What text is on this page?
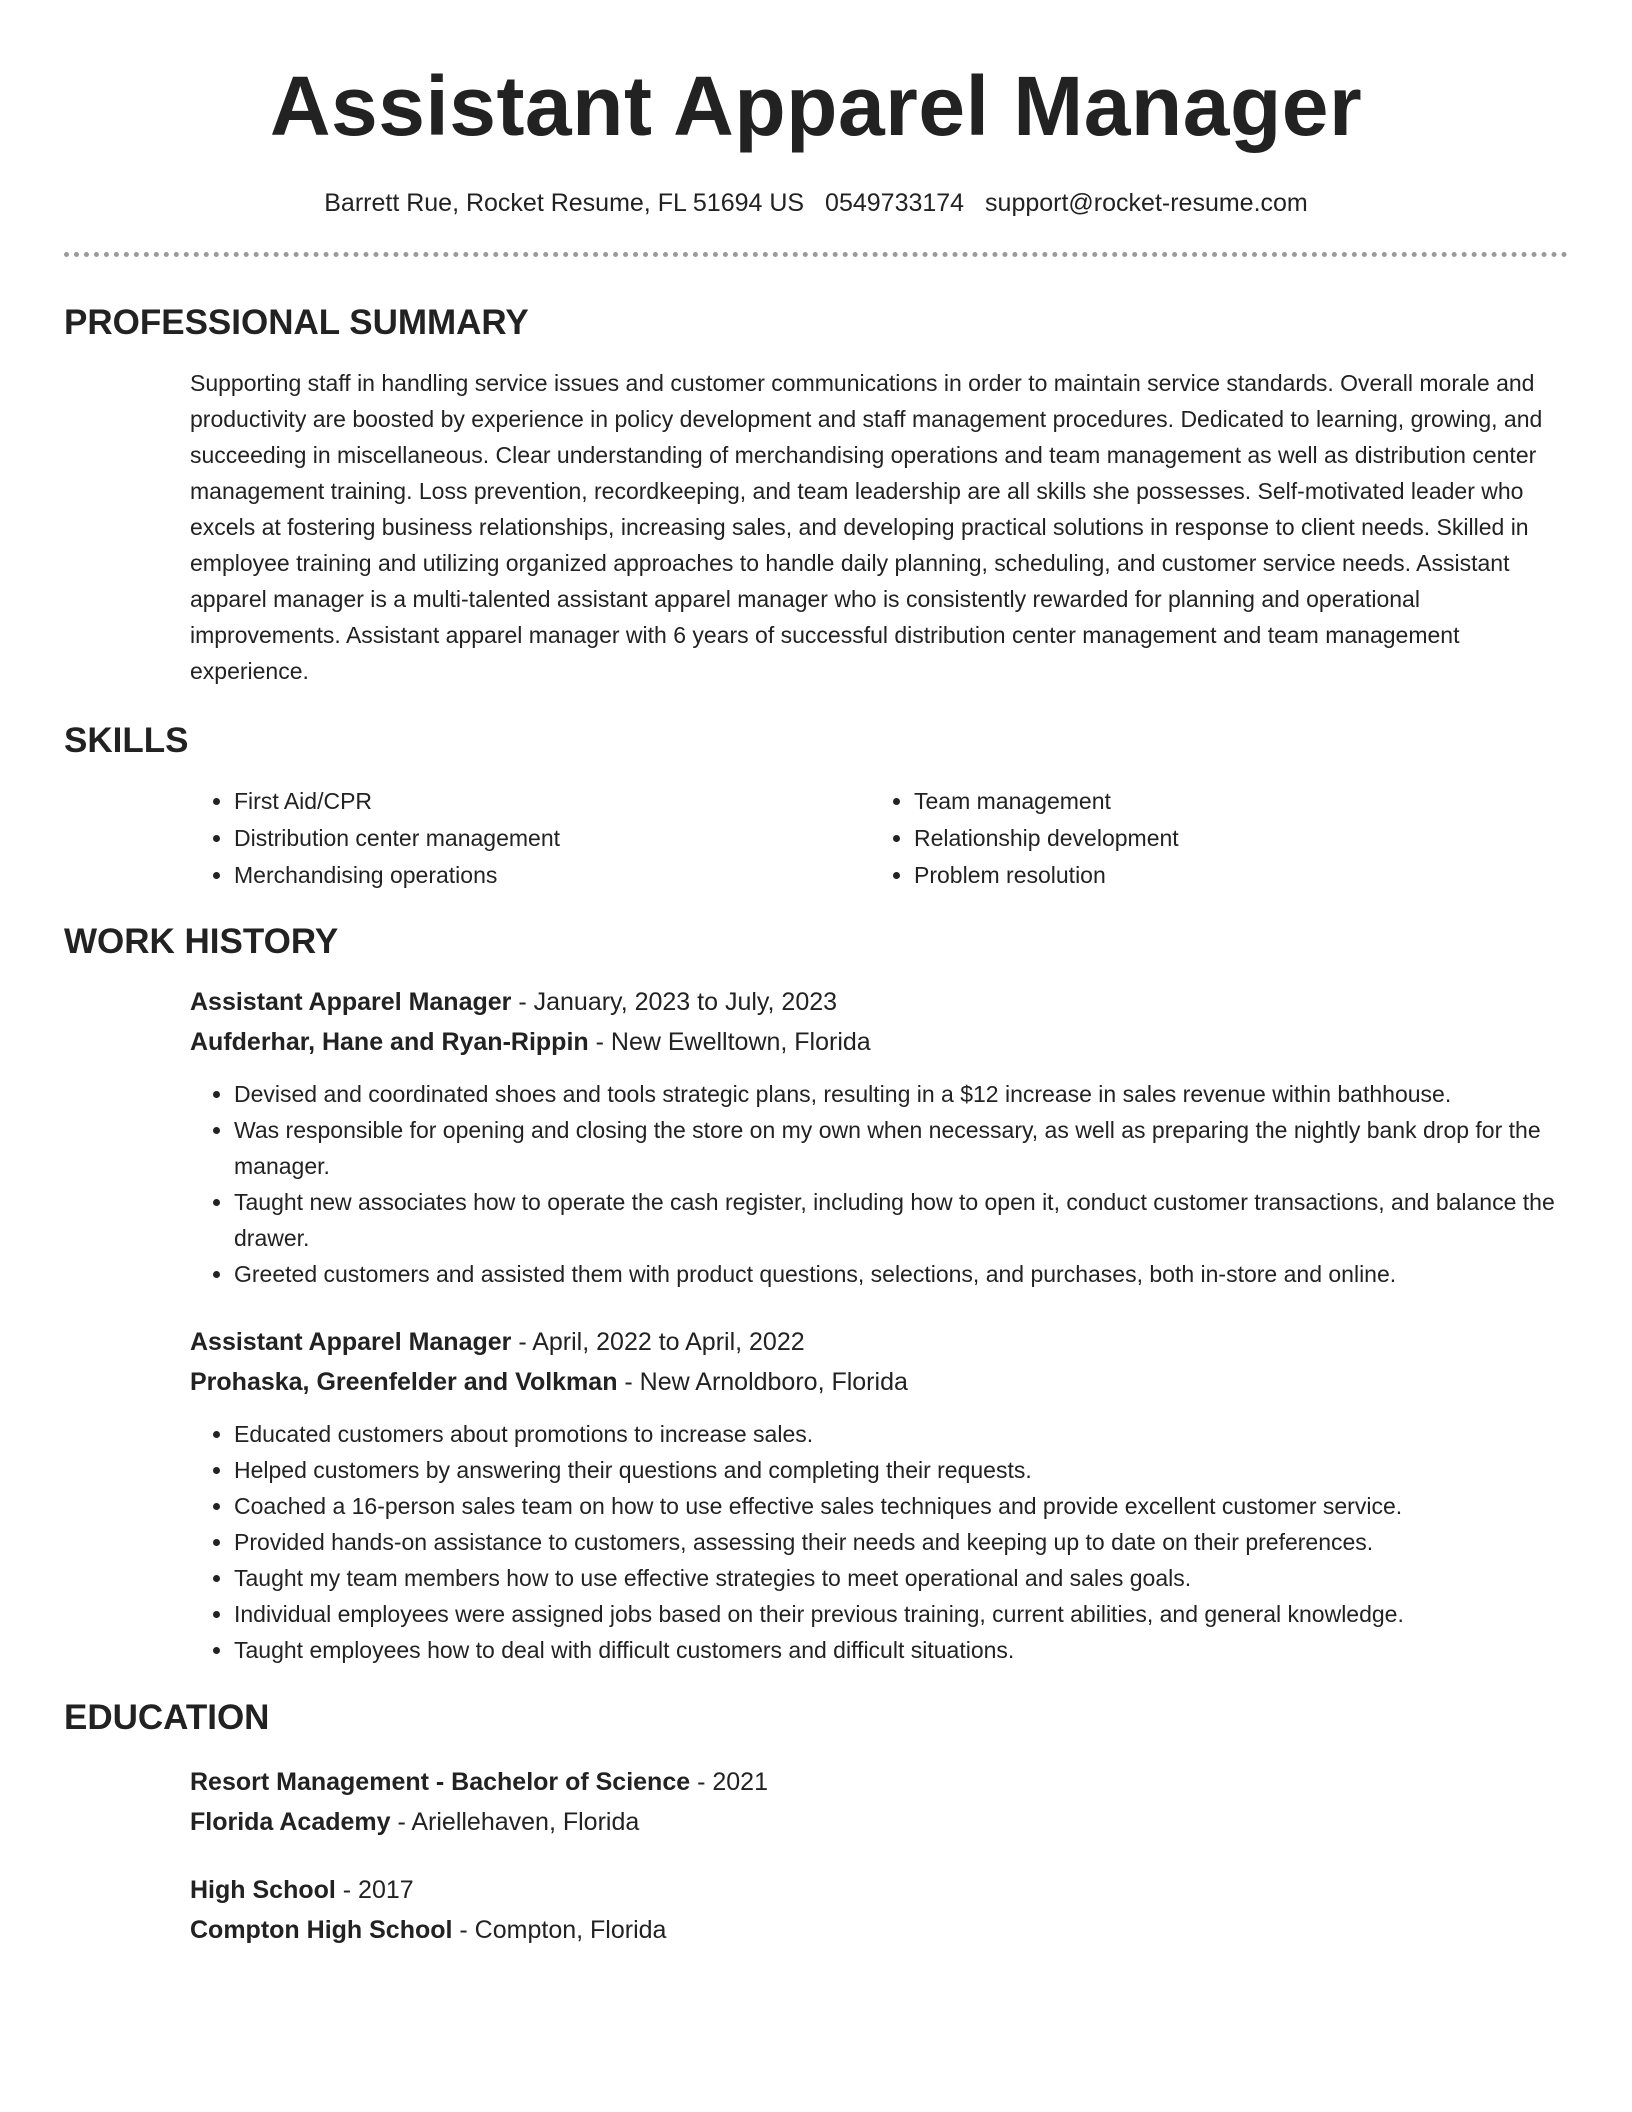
Assistant Apparel Manager
Barrett Rue, Rocket Resume, FL 51694 US 0549733174 support@rocket-resume.com
PROFESSIONAL SUMMARY
Supporting staff in handling service issues and customer communications in order to maintain service standards. Overall morale and productivity are boosted by experience in policy development and staff management procedures. Dedicated to learning, growing, and succeeding in miscellaneous. Clear understanding of merchandising operations and team management as well as distribution center management training. Loss prevention, recordkeeping, and team leadership are all skills she possesses. Self-motivated leader who excels at fostering business relationships, increasing sales, and developing practical solutions in response to client needs. Skilled in employee training and utilizing organized approaches to handle daily planning, scheduling, and customer service needs. Assistant apparel manager is a multi-talented assistant apparel manager who is consistently rewarded for planning and operational improvements. Assistant apparel manager with 6 years of successful distribution center management and team management experience.
SKILLS
• First Aid/CPR
• Distribution center management
• Merchandising operations
• Team management
• Relationship development
• Problem resolution
WORK HISTORY
Assistant Apparel Manager - January, 2023 to July, 2023
Aufderhar, Hane and Ryan-Rippin - New Ewelltown, Florida
• Devised and coordinated shoes and tools strategic plans, resulting in a $12 increase in sales revenue within bathhouse.
• Was responsible for opening and closing the store on my own when necessary, as well as preparing the nightly bank drop for the manager.
• Taught new associates how to operate the cash register, including how to open it, conduct customer transactions, and balance the drawer.
• Greeted customers and assisted them with product questions, selections, and purchases, both in-store and online.
Assistant Apparel Manager - April, 2022 to April, 2022
Prohaska, Greenfelder and Volkman - New Arnoldboro, Florida
• Educated customers about promotions to increase sales.
• Helped customers by answering their questions and completing their requests.
• Coached a 16-person sales team on how to use effective sales techniques and provide excellent customer service.
• Provided hands-on assistance to customers, assessing their needs and keeping up to date on their preferences.
• Taught my team members how to use effective strategies to meet operational and sales goals.
• Individual employees were assigned jobs based on their previous training, current abilities, and general knowledge.
• Taught employees how to deal with difficult customers and difficult situations.
EDUCATION
Resort Management - Bachelor of Science - 2021
Florida Academy - Ariellehaven, Florida
High School - 2017
Compton High School - Compton, Florida
